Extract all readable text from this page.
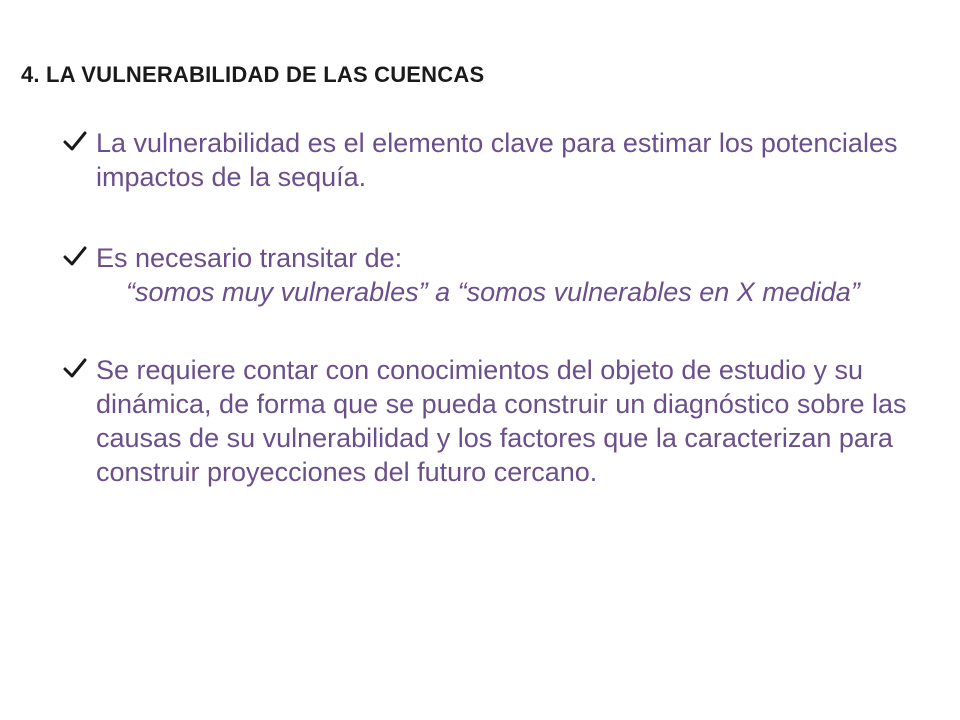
4. LA VULNERABILIDAD DE LAS CUENCAS
La vulnerabilidad es el elemento clave para estimar los potenciales impactos de la sequía.
Es necesario transitar de:
“somos muy vulnerables” a “somos vulnerables en X medida”
Se requiere contar con conocimientos del objeto de estudio y su dinámica, de forma que se pueda construir un diagnóstico sobre las causas de su vulnerabilidad y los factores que la caracterizan para construir proyecciones del futuro cercano.
